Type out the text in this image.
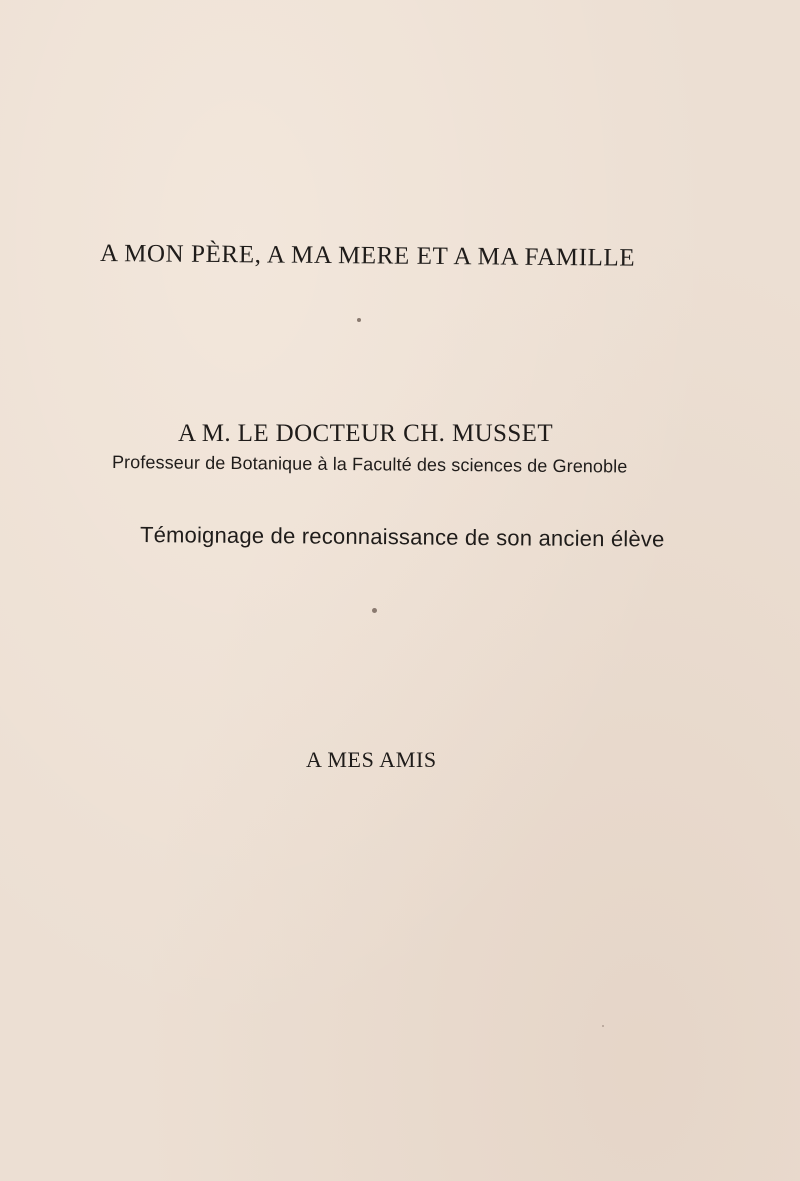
A MON PÈRE, A MA MERE ET A MA FAMILLE
A M. LE DOCTEUR CH. MUSSET
Professeur de Botanique à la Faculté des sciences de Grenoble
Témoignage de reconnaissance de son ancien élève
A MES AMIS
